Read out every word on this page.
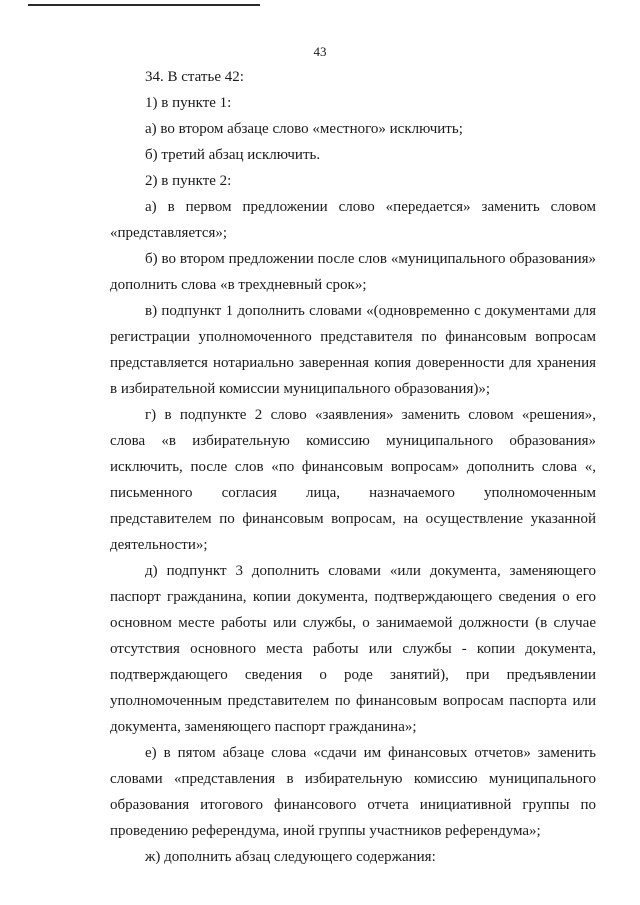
43

34. В статье 42:

1) в пункте 1:

а) во втором абзаце слово «местного» исключить;

б) третий абзац исключить.

2) в пункте 2:

а) в первом предложении слово «передается» заменить словом «представляется»;

б) во втором предложении после слов «муниципального образования» дополнить слова «в трехдневный срок»;

в) подпункт 1 дополнить словами «(одновременно с документами для регистрации уполномоченного представителя по финансовым вопросам представляется нотариально заверенная копия доверенности для хранения в избирательной комиссии муниципального образования)»;

г) в подпункте 2 слово «заявления» заменить словом «решения», слова «в избирательную комиссию муниципального образования» исключить, после слов «по финансовым вопросам» дополнить слова «, письменного согласия лица, назначаемого уполномоченным представителем по финансовым вопросам, на осуществление указанной деятельности»;

д) подпункт 3 дополнить словами «или документа, заменяющего паспорт гражданина, копии документа, подтверждающего сведения о его основном месте работы или службы, о занимаемой должности (в случае отсутствия основного места работы или службы - копии документа, подтверждающего сведения о роде занятий), при предъявлении уполномоченным представителем по финансовым вопросам паспорта или документа, заменяющего паспорт гражданина»;

е) в пятом абзаце слова «сдачи им финансовых отчетов» заменить словами «представления в избирательную комиссию муниципального образования итогового финансового отчета инициативной группы по проведению референдума, иной группы участников референдума»;

ж) дополнить абзац следующего содержания:
